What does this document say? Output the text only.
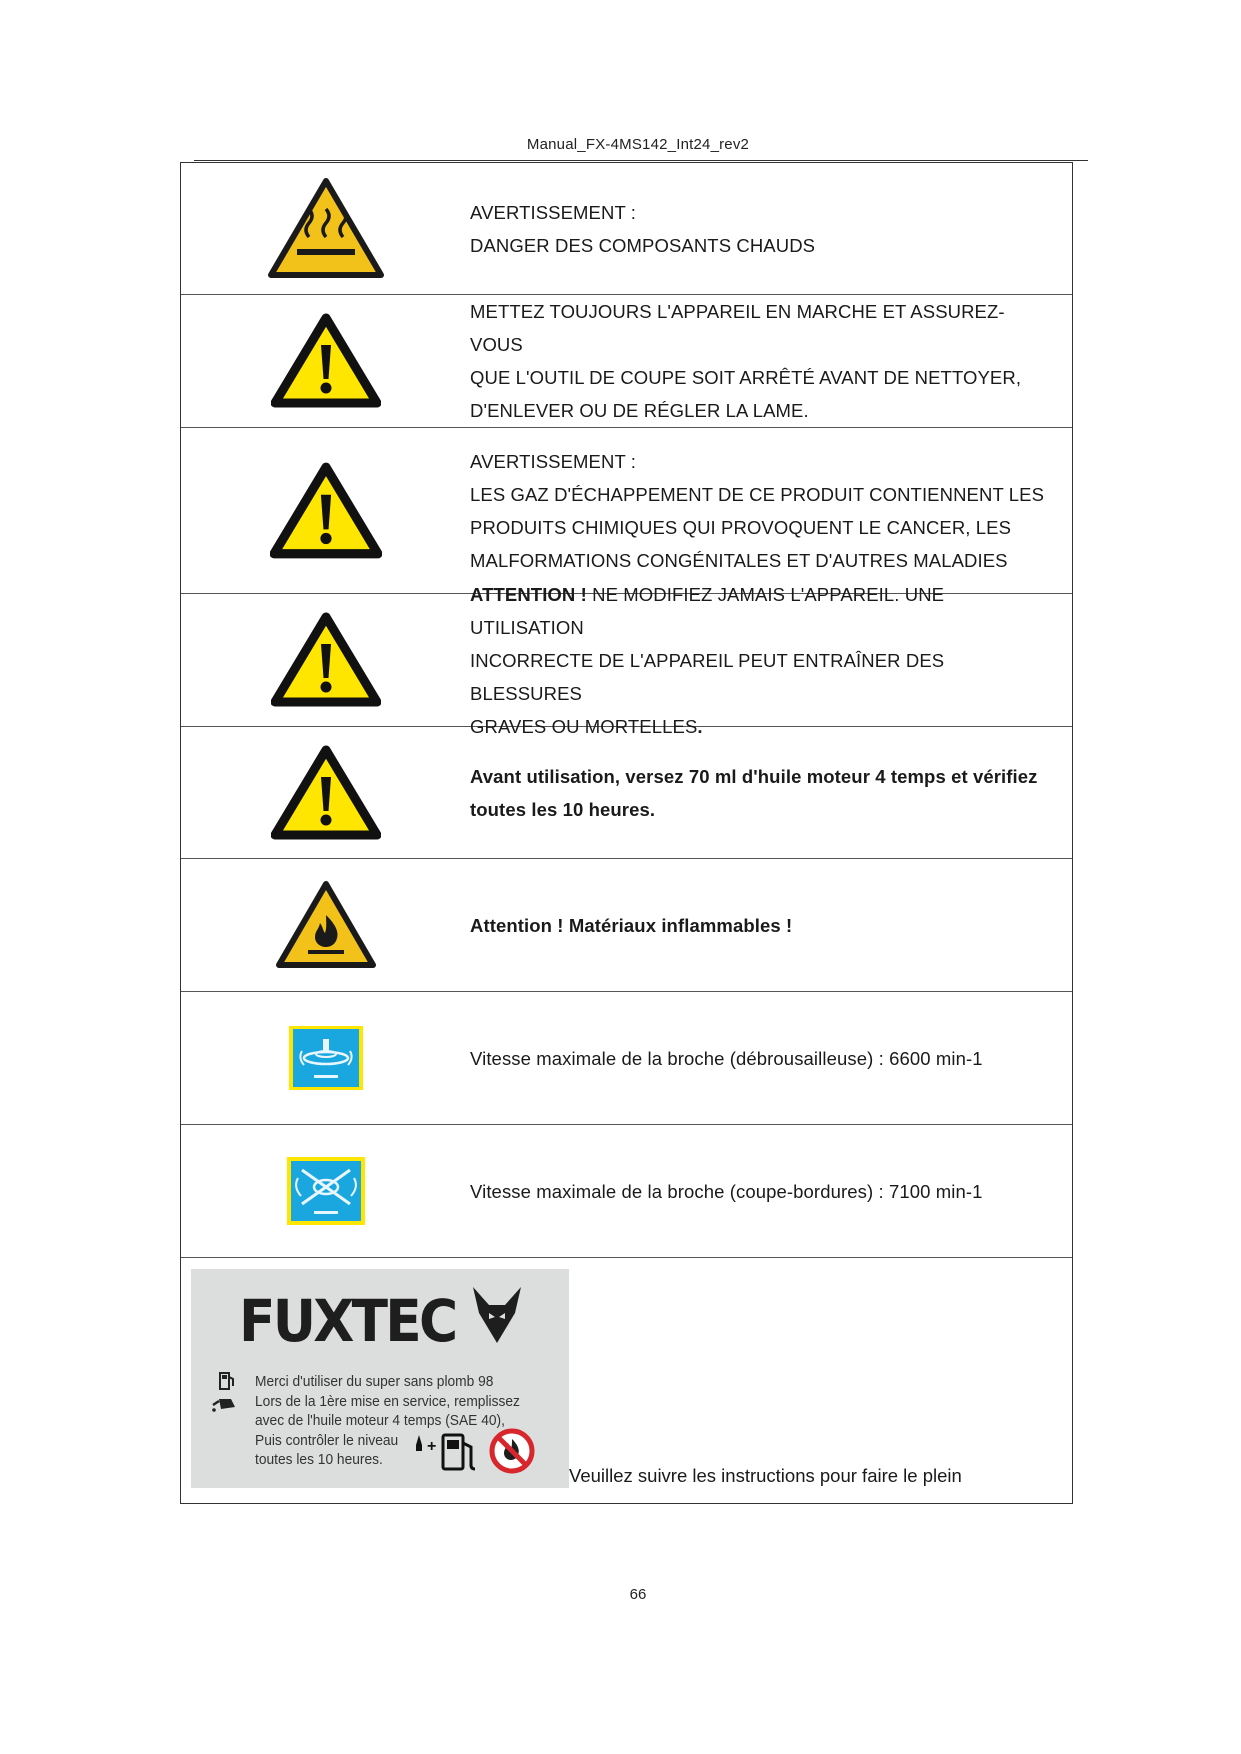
Manual_FX-4MS142_Int24_rev2

AVERTISSEMENT :

DANGER DES COMPOSANTS CHAUDS

METTEZ TOUJOURS L'APPAREIL EN MARCHE ET ASSUREZ-VOUS

QUE L'OUTIL DE COUPE SOIT ARRÊTÉ AVANT DE NETTOYER,

D'ENLEVER OU DE RÉGLER LA LAME.

AVERTISSEMENT :

LES GAZ D'ÉCHAPPEMENT DE CE PRODUIT CONTIENNENT LES

PRODUITS CHIMIQUES QUI PROVOQUENT LE CANCER, LES

MALFORMATIONS CONGÉNITALES ET D'AUTRES MALADIES

ATTENTION ! NE MODIFIEZ JAMAIS L'APPAREIL. UNE UTILISATION

INCORRECTE DE L'APPAREIL PEUT ENTRAÎNER DES BLESSURES

GRAVES OU MORTELLES.

Avant utilisation, versez 70 ml d'huile moteur 4 temps et vérifiez

toutes les 10 heures.

Attention ! Matériaux inflammables !

Vitesse maximale de la broche (débrousailleuse) : 6600 min-1

Vitesse maximale de la broche (coupe-bordures) : 7100 min-1

FUXTEC
Merci d'utiliser du super sans plomb 98
Lors de la 1ère mise en service, remplissez
avec de l'huile moteur 4 temps (SAE 40),
Puis contrôler le niveau
toutes les 10 heures.
+
Veuillez suivre les instructions pour faire le plein
66
